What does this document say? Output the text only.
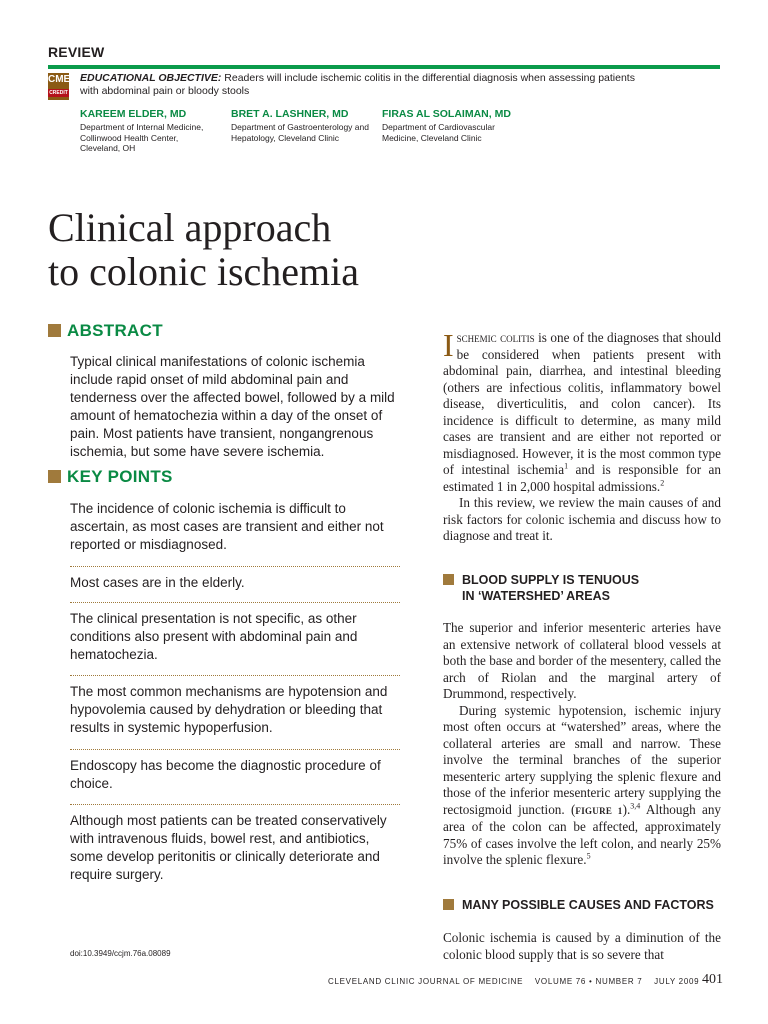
REVIEW
CME
CREDIT
EDUCATIONAL OBJECTIVE: Readers will include ischemic colitis in the differential diagnosis when assessing patients with abdominal pain or bloody stools
KAREEM ELDER, MD
Department of Internal Medicine, Collinwood Health Center, Cleveland, OH
BRET A. LASHNER, MD
Department of Gastroenterology and Hepatology, Cleveland Clinic
FIRAS AL SOLAIMAN, MD
Department of Cardiovascular Medicine, Cleveland Clinic
Clinical approach
to colonic ischemia
ABSTRACT
Typical clinical manifestations of colonic ischemia include rapid onset of mild abdominal pain and tenderness over the affected bowel, followed by a mild amount of hematochezia within a day of the onset of pain. Most patients have transient, nongangrenous ischemia, but some have severe ischemia.
KEY POINTS
The incidence of colonic ischemia is difficult to ascertain, as most cases are transient and either not reported or misdiagnosed.
Most cases are in the elderly.
The clinical presentation is not specific, as other conditions also present with abdominal pain and hematochezia.
The most common mechanisms are hypotension and hypovolemia caused by dehydration or bleeding that results in systemic hypoperfusion.
Endoscopy has become the diagnostic procedure of choice.
Although most patients can be treated conservatively with intravenous fluids, bowel rest, and antibiotics, some develop peritonitis or clinically deteriorate and require surgery.
doi:10.3949/ccjm.76a.08089

Ischemic colitis is one of the diagnoses that should be considered when patients present with abdominal pain, diarrhea, and intestinal bleeding (others are infectious colitis, inflammatory bowel disease, diverticulitis, and colon cancer). Its incidence is difficult to determine, as many mild cases are transient and are either not reported or misdiagnosed. However, it is the most common type of intestinal ischemia$^1$ and is responsible for an estimated 1 in 2,000 hospital admissions.$^2$

In this review, we review the main causes of and risk factors for colonic ischemia and discuss how to diagnose and treat it.

BLOOD SUPPLY IS TENUOUS
IN ‘WATERSHED’ AREAS

The superior and inferior mesenteric arteries have an extensive network of collateral blood vessels at both the base and border of the mesentery, called the arch of Riolan and the marginal artery of Drummond, respectively.

During systemic hypotension, ischemic injury most often occurs at “watershed” areas, where the collateral arteries are small and narrow. These involve the terminal branches of the superior mesenteric artery supplying the splenic flexure and those of the inferior mesenteric artery supplying the rectosigmoid junction. (FIGURE 1).$^{3,4}$ Although any area of the colon can be affected, approximately 75% of cases involve the left colon, and nearly 25% involve the splenic flexure.$^5$

MANY POSSIBLE CAUSES AND FACTORS
Colonic ischemia is caused by a diminution of the colonic blood supply that is so severe that
CLEVELAND CLINIC JOURNAL OF MEDICINE VOLUME 76 • NUMBER 7 JULY 2009 401
